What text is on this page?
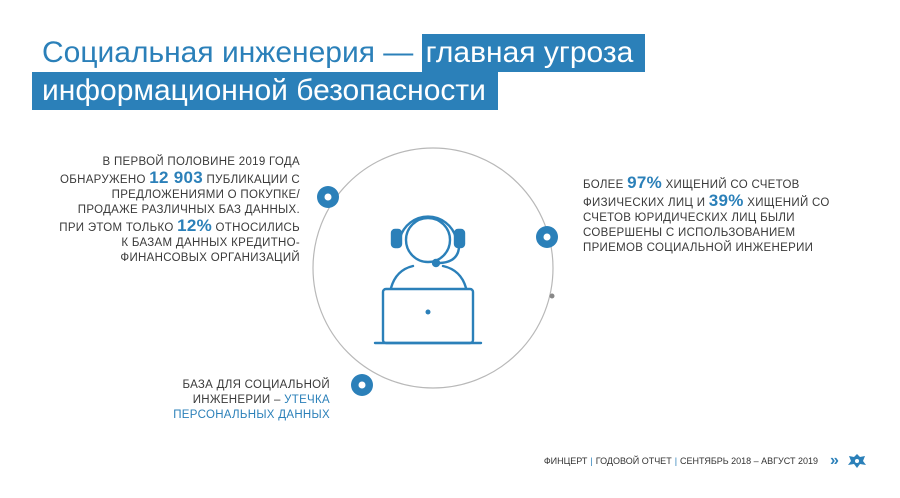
Социальная инженерия — главная угроза
информационной безопасности
В ПЕРВОЙ ПОЛОВИНЕ 2019 ГОДА ОБНАРУЖЕНО 12 903 ПУБЛИКАЦИИ С ПРЕДЛОЖЕНИЯМИ О ПОКУПКЕ/ПРОДАЖЕ РАЗЛИЧНЫХ БАЗ ДАННЫХ. ПРИ ЭТОМ ТОЛЬКО 12% ОТНОСИЛИСЬ К БАЗАМ ДАННЫХ КРЕДИТНО-ФИНАНСОВЫХ ОРГАНИЗАЦИЙ
БОЛЕЕ 97% ХИЩЕНИЙ СО СЧЕТОВ ФИЗИЧЕСКИХ ЛИЦ И 39% ХИЩЕНИЙ СО СЧЕТОВ ЮРИДИЧЕСКИХ ЛИЦ БЫЛИ СОВЕРШЕНЫ С ИСПОЛЬЗОВАНИЕМ ПРИЕМОВ СОЦИАЛЬНОЙ ИНЖЕНЕРИИ
БАЗА ДЛЯ СОЦИАЛЬНОЙ ИНЖЕНЕРИИ – УТЕЧКА ПЕРСОНАЛЬНЫХ ДАННЫХ
ФИНЦЕРТ | ГОДОВОЙ ОТЧЕТ | СЕНТЯБРЬ 2018 – АВГУСТ 2019 »
